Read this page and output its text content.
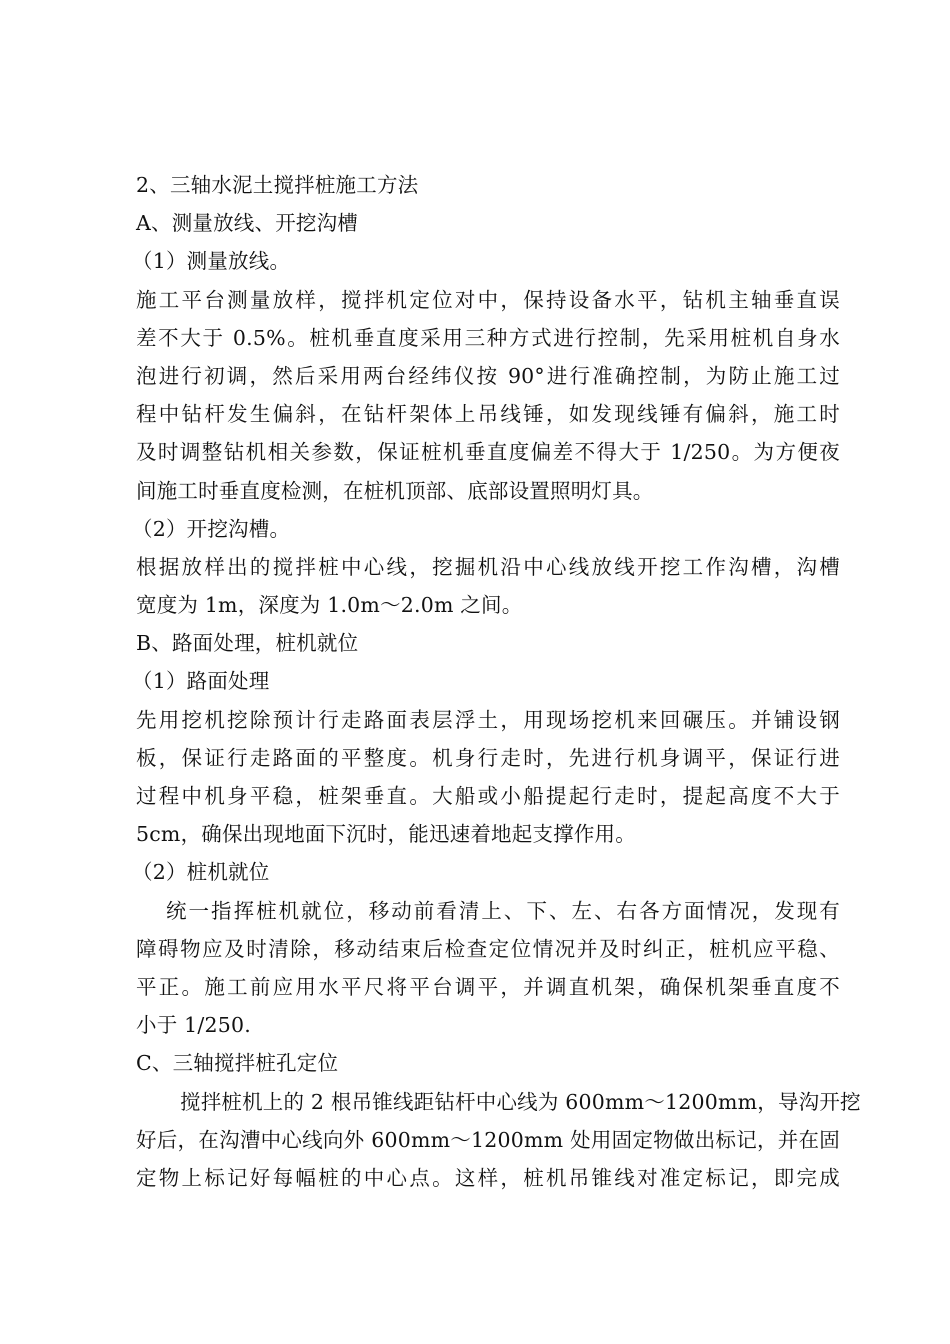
2、三轴水泥土搅拌桩施工方法
A、测量放线、开挖沟槽
（1）测量放线。
施工平台测量放样，搅拌机定位对中，保持设备水平，钻机主轴垂直误
差不大于 0.5%。桩机垂直度采用三种方式进行控制，先采用桩机自身水
泡进行初调，然后采用两台经纬仪按 90°进行准确控制，为防止施工过
程中钻杆发生偏斜，在钻杆架体上吊线锤，如发现线锤有偏斜，施工时
及时调整钻机相关参数，保证桩机垂直度偏差不得大于 1/250。为方便夜
间施工时垂直度检测，在桩机顶部、底部设置照明灯具。
（2）开挖沟槽。
根据放样出的搅拌桩中心线，挖掘机沿中心线放线开挖工作沟槽，沟槽
宽度为 1m，深度为 1.0m～2.0m 之间。
B、路面处理，桩机就位
（1）路面处理
先用挖机挖除预计行走路面表层浮土，用现场挖机来回碾压。并铺设钢
板，保证行走路面的平整度。机身行走时，先进行机身调平，保证行进
过程中机身平稳，桩架垂直。大船或小船提起行走时，提起高度不大于
5cm，确保出现地面下沉时，能迅速着地起支撑作用。
（2）桩机就位
统一指挥桩机就位，移动前看清上、下、左、右各方面情况，发现有
障碍物应及时清除，移动结束后检查定位情况并及时纠正，桩机应平稳、
平正。施工前应用水平尺将平台调平，并调直机架，确保机架垂直度不
小于 1/250.
C、三轴搅拌桩孔定位
搅拌桩机上的 2 根吊锥线距钻杆中心线为 600mm～1200mm，导沟开挖
好后，在沟漕中心线向外 600mm～1200mm 处用固定物做出标记，并在固
定物上标记好每幅桩的中心点。这样，桩机吊锥线对准定标记，即完成
